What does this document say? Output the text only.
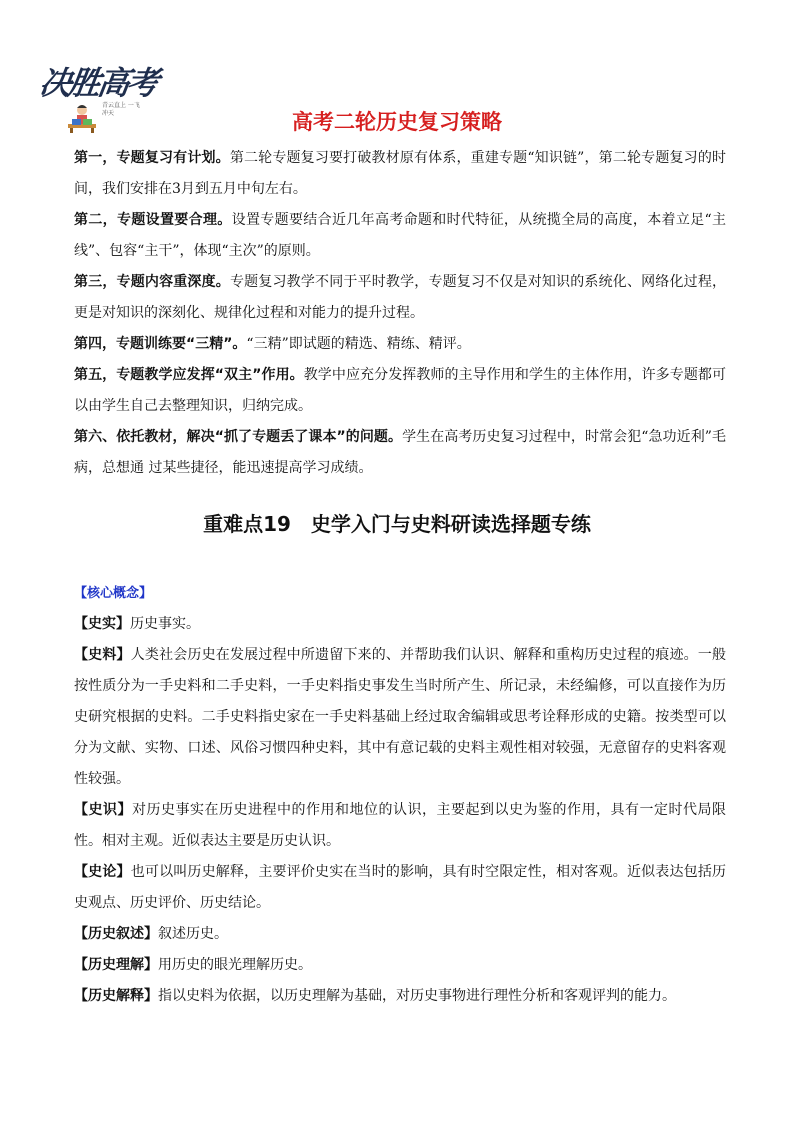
决胜高考
青云直上 一飞冲天	高考二轮历史复习策略

第一，专题复习有计划。第二轮专题复习要打破教材原有体系，重建专题“知识链”，第二轮专题复习的时间，我们安排在3月到五月中旬左右。

第二，专题设置要合理。设置专题要结合近几年高考命题和时代特征，从统揽全局的高度，本着立足“主线”、包容“主干”，体现“主次”的原则。

第三，专题内容重深度。专题复习教学不同于平时教学，专题复习不仅是对知识的系统化、网络化过程，更是对知识的深刻化、规律化过程和对能力的提升过程。

第四，专题训练要“三精”。“三精”即试题的精选、精练、精评。

第五，专题教学应发挥“双主”作用。教学中应充分发挥教师的主导作用和学生的主体作用，许多专题都可以由学生自己去整理知识，归纳完成。

第六、依托教材，解决“抓了专题丢了课本”的问题。学生在高考历史复习过程中，时常会犯“急功近利”毛病，总想通 过某些捷径，能迅速提高学习成绩。

重难点19　史学入门与史料研读选择题专练

【核心概念】

【史实】历史事实。

【史料】人类社会历史在发展过程中所遗留下来的、并帮助我们认识、解释和重构历史过程的痕迹。一般按性质分为一手史料和二手史料，一手史料指史事发生当时所产生、所记录，未经编修，可以直接作为历史研究根据的史料。二手史料指史家在一手史料基础上经过取舍编辑或思考诠释形成的史籍。按类型可以分为文献、实物、口述、风俗习惯四种史料，其中有意记载的史料主观性相对较强，无意留存的史料客观性较强。

【史识】对历史事实在历史进程中的作用和地位的认识，主要起到以史为鉴的作用，具有一定时代局限性。相对主观。近似表达主要是历史认识。

【史论】也可以叫历史解释，主要评价史实在当时的影响，具有时空限定性，相对客观。近似表达包括历史观点、历史评价、历史结论。

【历史叙述】叙述历史。

【历史理解】用历史的眼光理解历史。

【历史解释】指以史料为依据，以历史理解为基础，对历史事物进行理性分析和客观评判的能力。
